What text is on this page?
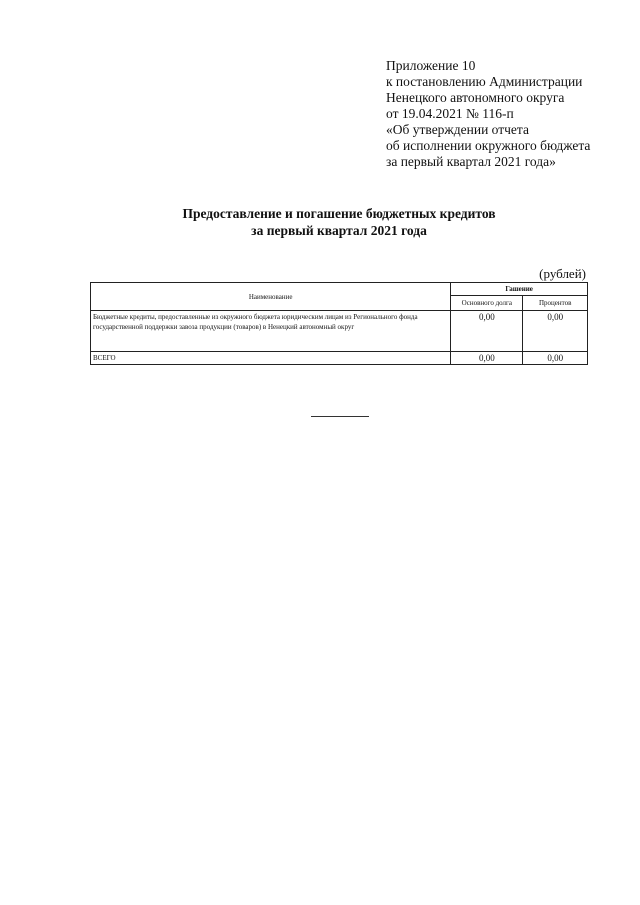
Приложение 10
к постановлению Администрации
Ненецкого автономного округа
от 19.04.2021 № 116-п
«Об утверждении отчета
об исполнении окружного бюджета
за первый квартал 2021 года»
Предоставление и погашение бюджетных кредитов
за первый квартал 2021 года
(рублей)
Наименование	Гашение	
	Основного долга	Процентов
Бюджетные кредиты, предоставленные из окружного бюджета юридическим лицам из Регионального фонда государственной поддержки завоза продукции (товаров) в Ненецкий автономный округ	0,00	0,00
ВСЕГО	0,00	0,00
